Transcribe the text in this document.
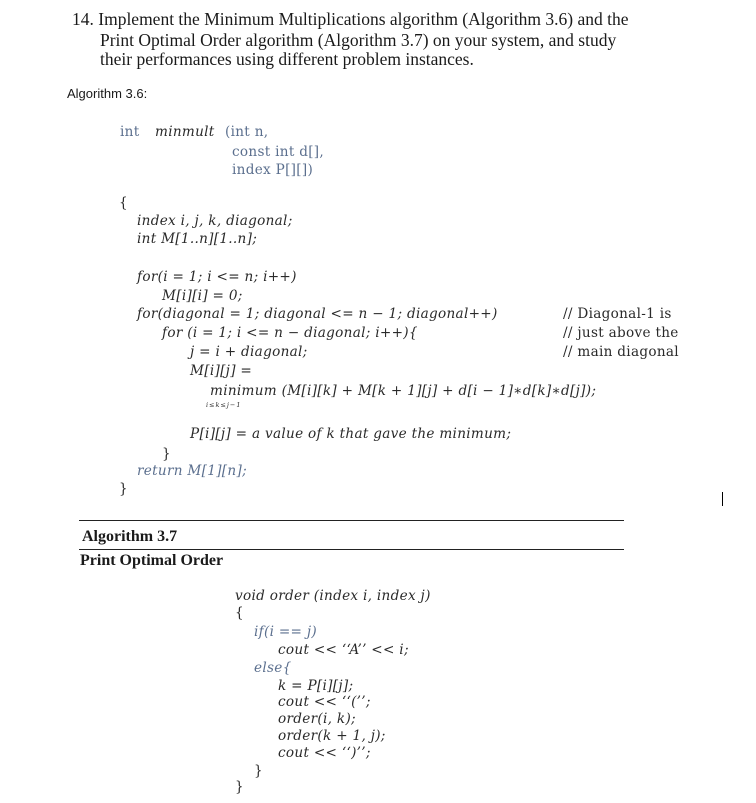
14. Implement the Minimum Multiplications algorithm (Algorithm 3.6) and the
Print Optimal Order algorithm (Algorithm 3.7) on your system, and study
their performances using different problem instances.
Algorithm 3.6:
int minmult (int n,
const int d[],
index P[][])
{
index i, j, k, diagonal;
int M[1..n][1..n];
for(i = 1; i <= n; i++)
M[i][i] = 0;
for(diagonal = 1; diagonal <= n − 1; diagonal++)	// Diagonal-1 is
for (i = 1; i <= n − diagonal; i++){	// just above the
j = i + diagonal;	// main diagonal
M[i][j] =
minimum (M[i][k] + M[k + 1][j] + d[i − 1]∗d[k]∗d[j]);
i≤k≤j−1
P[i][j] = a value of k that gave the minimum;
}
return M[1][n];
}
Algorithm 3.7
Print Optimal Order
void order (index i, index j)
{
if(i == j)
cout << ‘‘A’’ << i;
else{
k = P[i][j];
cout << ‘‘(’’;
order(i, k);
order(k + 1, j);
cout << ‘‘)’’;
}
}
